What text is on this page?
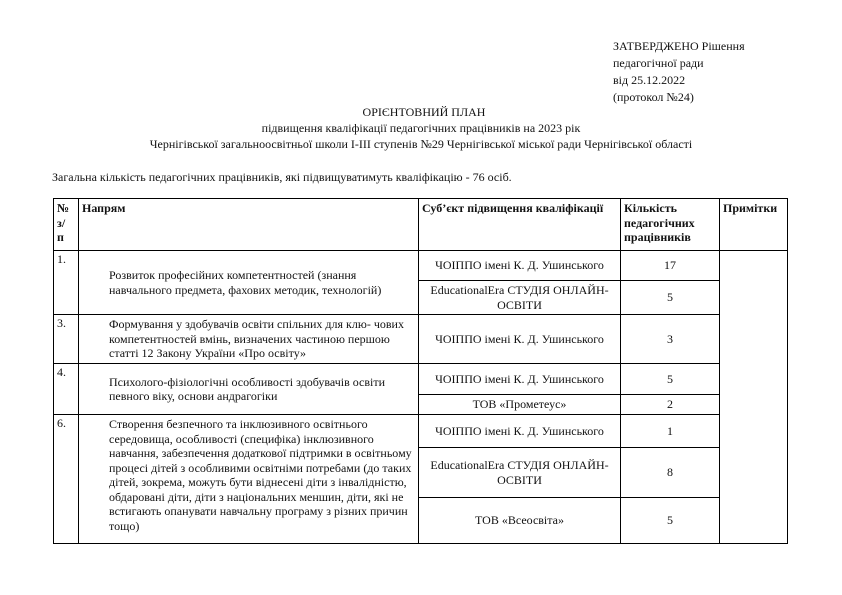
ЗАТВЕРДЖЕНО Рішення
педагогічної ради
від 25.12.2022
(протокол №24)
ОРІЄНТОВНИЙ ПЛАН
підвищення кваліфікації педагогічних працівників на 2023 рік
Чернігівської загальноосвітньої школи І-ІІІ ступенів №29 Чернігівської міської ради Чернігівської області
Загальна кількість педагогічних працівників, які підвищуватимуть кваліфікацію - 76 осіб.
№ з/ п	Напрям	Суб’єкт підвищення кваліфікації	Кількість педагогічних працівників	Примітки
1.	Розвиток професійних компетентностей (знання навчального предмета, фахових методик, технологій)	ЧОІППО імені К. Д. Ушинського	17	
		EducationalEra СТУДІЯ ОНЛАЙН-ОСВІТИ	5	
3.	Формування у здобувачів освіти спільних для клю- чових компетентностей вмінь, визначених частиною першою статті 12 Закону України «Про освіту»	ЧОІППО імені К. Д. Ушинського	3	
4.	Психолого-фізіологічні особливості здобувачів освіти певного віку, основи андрагогіки	ЧОІППО імені К. Д. Ушинського	5	
		ТОВ «Прометеус»	2	
6.	Створення безпечного та інклюзивного освітнього середовища, особливості (специфіка) інклюзивного навчання, забезпечення додаткової підтримки в освітньому процесі дітей з особливими освітніми потребами (до таких дітей, зокрема, можуть бути віднесені діти з інвалідністю, обдаровані діти, діти з національних меншин, діти, які не встигають опанувати навчальну програму з різних причин тощо)	ЧОІППО імені К. Д. Ушинського	1	
		EducationalEra СТУДІЯ ОНЛАЙН-ОСВІТИ	8	
		ТОВ «Всеосвіта»	5	
